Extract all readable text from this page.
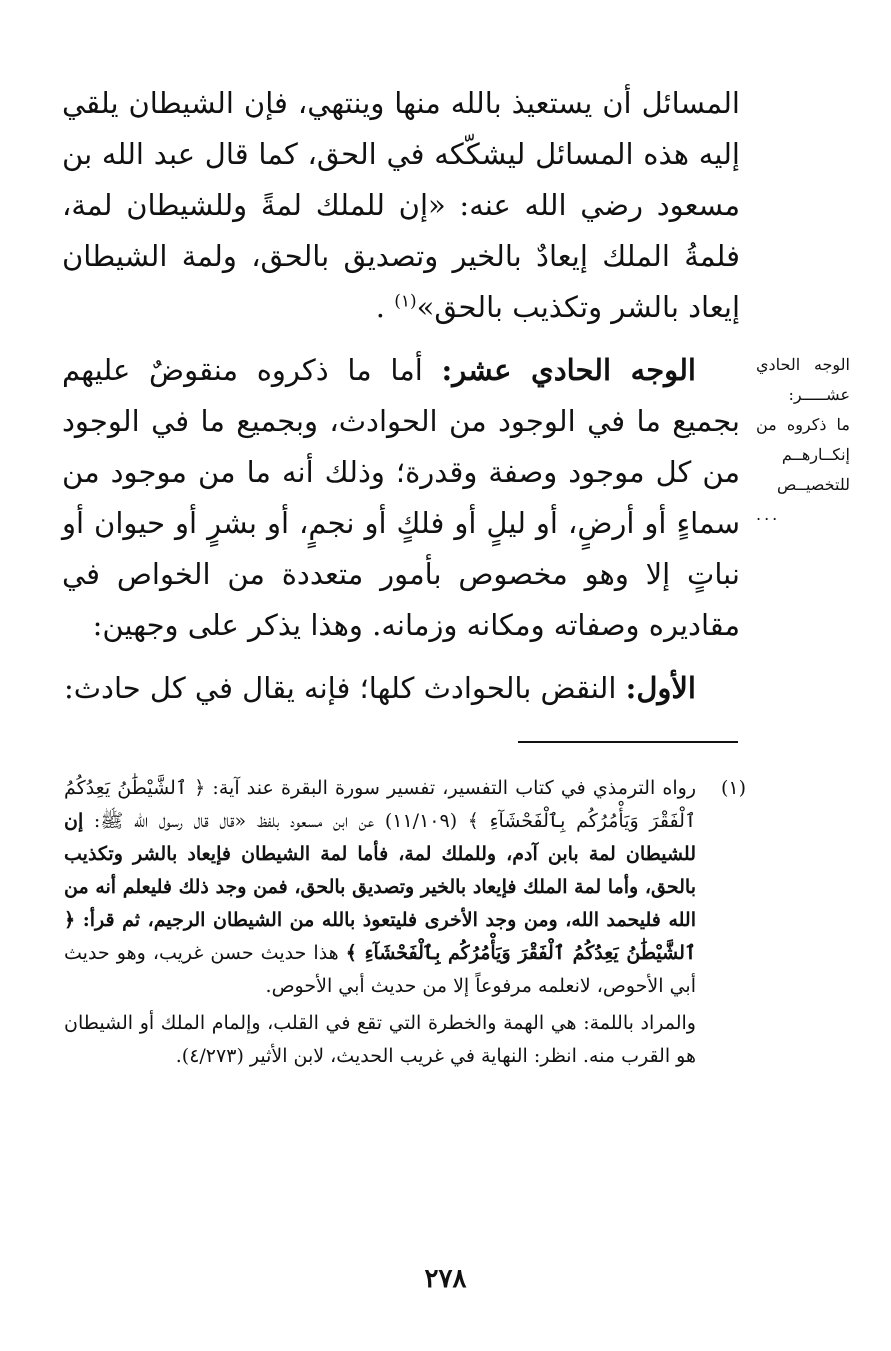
المسائل أن يستعيذ بالله منها وينتهي، فإن الشيطان يلقي إليه هذه المسائل ليشكّكه في الحق، كما قال عبد الله بن مسعود رضي الله عنه: «إن للملك لمةً وللشيطان لمة، فلمةُ الملك إيعادٌ بالخير وتصديق بالحق، ولمة الشيطان إيعاد بالشر وتكذيب بالحق»$^{(١)}$ .

الوجه الحادي عشر: أما ما ذكروه منقوضٌ عليهم بجميع ما في الوجود من الحوادث، وبجميع ما في الوجود من كل موجود وصفة وقدرة؛ وذلك أنه ما من موجود من سماءٍ أو أرضٍ، أو ليلٍ أو فلكٍ أو نجمٍ، أو بشرٍ أو حيوان أو نباتٍ إلا وهو مخصوص بأمور متعددة من الخواص في مقاديره وصفاته ومكانه وزمانه. وهذا يذكر على وجهين:

الأول: النقض بالحوادث كلها؛ فإنه يقال في كل حادث:

الوجه الحادي
عشـــــر:
ما ذكروه من
إنكــارهــم
للتخصيــص
...
(١)

رواه الترمذي في كتاب التفسير، تفسير سورة البقرة عند آية: ﴿ ٱلشَّيْطَٰنُ يَعِدُكُمُ ٱلْفَقْرَ وَيَأْمُرُكُم بِٱلْفَحْشَآءِ ﴾ (١١/١٠٩) عن ابن مسعود بلفظ «قال قال رسول الله ﷺ: إن للشيطان لمة بابن آدم، وللملك لمة، فأما لمة الشيطان فإيعاد بالشر وتكذيب بالحق، وأما لمة الملك فإيعاد بالخير وتصديق بالحق، فمن وجد ذلك فليعلم أنه من الله فليحمد الله، ومن وجد الأخرى فليتعوذ بالله من الشيطان الرجيم، ثم قرأ: ﴿ ٱلشَّيْطَٰنُ يَعِدُكُمُ ٱلْفَقْرَ وَيَأْمُرُكُم بِٱلْفَحْشَآءِ ﴾ هذا حديث حسن غريب، وهو حديث أبي الأحوص، لانعلمه مرفوعاً إلا من حديث أبي الأحوص.

والمراد باللمة: هي الهمة والخطرة التي تقع في القلب، وإلمام الملك أو الشيطان هو القرب منه. انظر: النهاية في غريب الحديث، لابن الأثير (٤/٢٧٣).

٢٧٨
